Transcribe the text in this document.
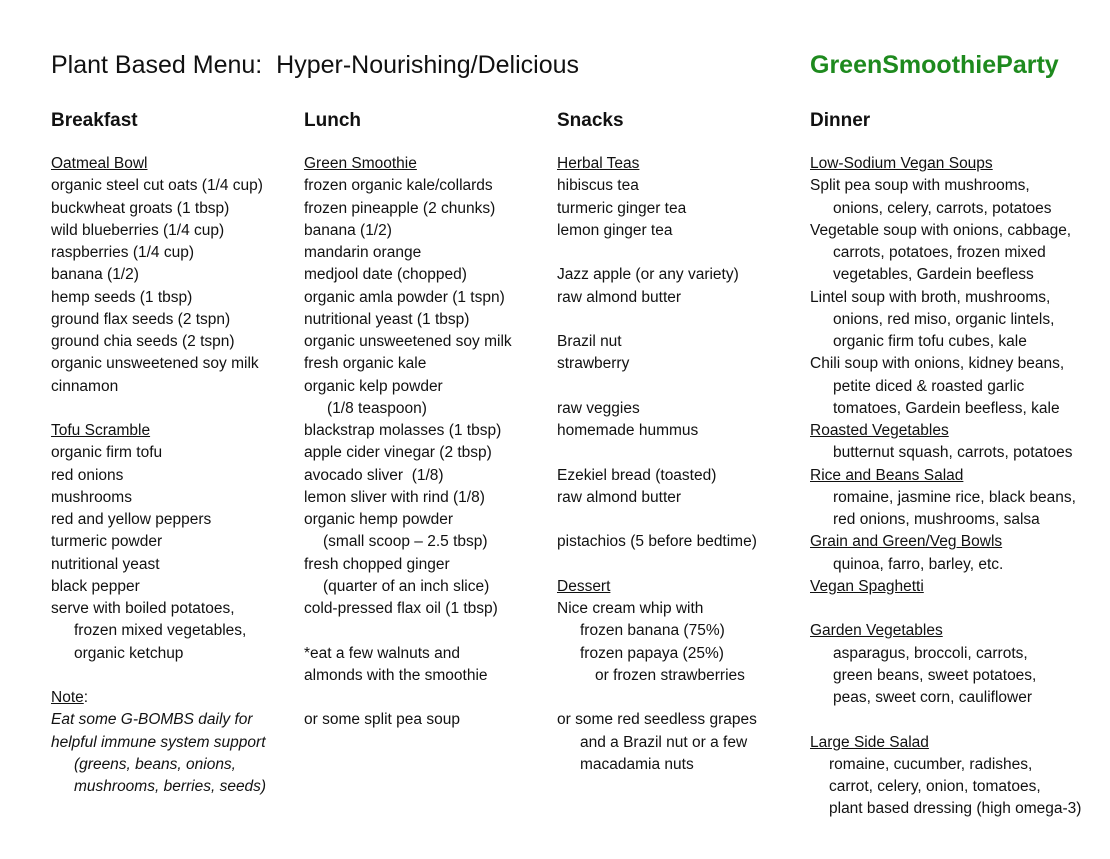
Plant Based Menu:  Hyper-Nourishing/Delicious	GreenSmoothieParty
Breakfast
Oatmeal Bowl
organic steel cut oats (1/4 cup)
buckwheat groats (1 tbsp)
wild blueberries (1/4 cup)
raspberries (1/4 cup)
banana (1/2)
hemp seeds (1 tbsp)
ground flax seeds (2 tspn)
ground chia seeds (2 tspn)
organic unsweetened soy milk
cinnamon
Tofu Scramble
organic firm tofu
red onions
mushrooms
red and yellow peppers
turmeric powder
nutritional yeast
black pepper
serve with boiled potatoes,
frozen mixed vegetables,
organic ketchup
Note:
Eat some G-BOMBS daily for
helpful immune system support
(greens, beans, onions,
mushrooms, berries, seeds)
Lunch
Green Smoothie
frozen organic kale/collards
frozen pineapple (2 chunks)
banana (1/2)
mandarin orange
medjool date (chopped)
organic amla powder (1 tspn)
nutritional yeast (1 tbsp)
organic unsweetened soy milk
fresh organic kale
organic kelp powder
(1/8 teaspoon)
blackstrap molasses (1 tbsp)
apple cider vinegar (2 tbsp)
avocado sliver  (1/8)
lemon sliver with rind (1/8)
organic hemp powder
(small scoop – 2.5 tbsp)
fresh chopped ginger
(quarter of an inch slice)
cold-pressed flax oil (1 tbsp)
*eat a few walnuts and
almonds with the smoothie
or some split pea soup
Snacks
Herbal Teas
hibiscus tea
turmeric ginger tea
lemon ginger tea
Jazz apple (or any variety)
raw almond butter
Brazil nut
strawberry
raw veggies
homemade hummus
Ezekiel bread (toasted)
raw almond butter
pistachios (5 before bedtime)
Dessert
Nice cream whip with
frozen banana (75%)
frozen papaya (25%)
or frozen strawberries
or some red seedless grapes
and a Brazil nut or a few
macadamia nuts
Dinner
Low-Sodium Vegan Soups
Split pea soup with mushrooms,
onions, celery, carrots, potatoes
Vegetable soup with onions, cabbage,
carrots, potatoes, frozen mixed
vegetables, Gardein beefless
Lintel soup with broth, mushrooms,
onions, red miso, organic lintels,
organic firm tofu cubes, kale
Chili soup with onions, kidney beans,
petite diced & roasted garlic
tomatoes, Gardein beefless, kale
Roasted Vegetables
butternut squash, carrots, potatoes
Rice and Beans Salad
romaine, jasmine rice, black beans,
red onions, mushrooms, salsa
Grain and Green/Veg Bowls
quinoa, farro, barley, etc.
Vegan Spaghetti
Garden Vegetables
asparagus, broccoli, carrots,
green beans, sweet potatoes,
peas, sweet corn, cauliflower
Large Side Salad
romaine, cucumber, radishes,
carrot, celery, onion, tomatoes,
plant based dressing (high omega-3)
